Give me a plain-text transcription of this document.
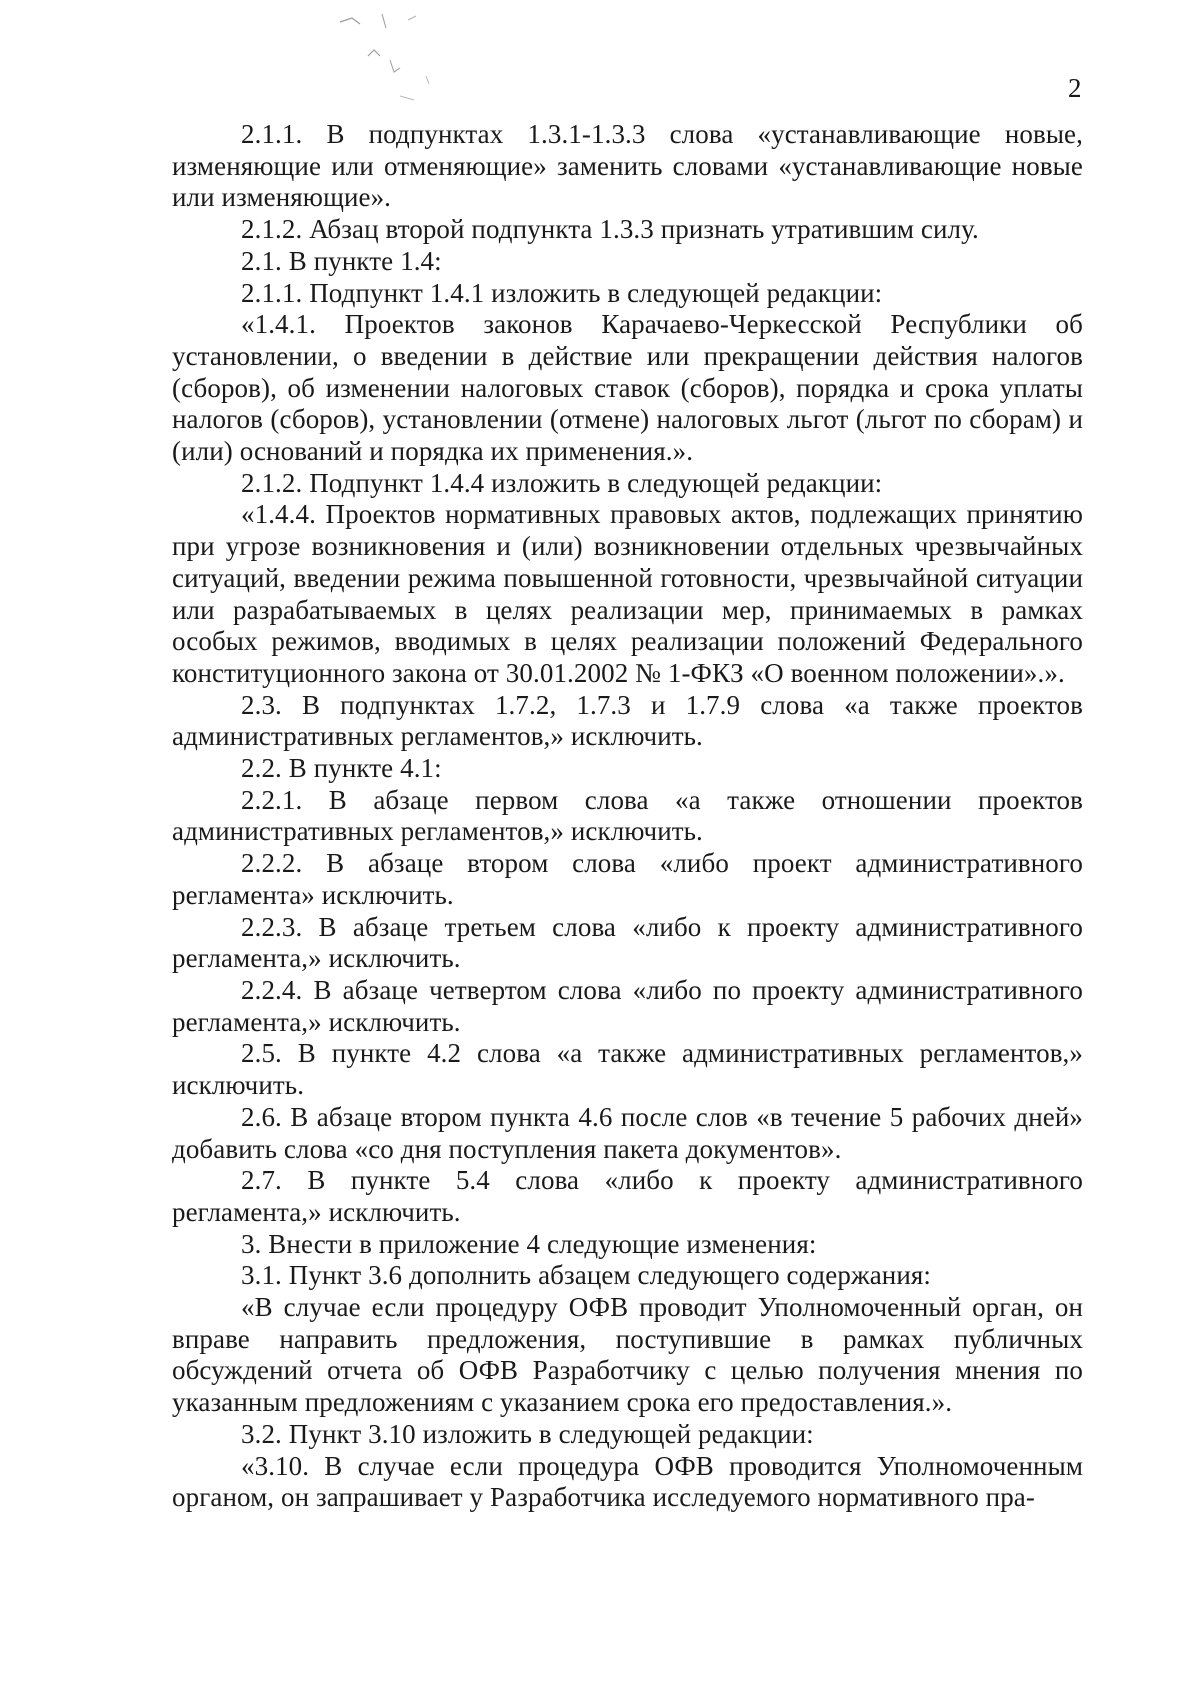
2

2.1.1. В подпунктах 1.3.1-1.3.3 слова «устанавливающие новые, изменяющие или отменяющие» заменить словами «устанавливающие новые или изменяющие».

2.1.2. Абзац второй подпункта 1.3.3 признать утратившим силу.

2.1. В пункте 1.4:

2.1.1. Подпункт 1.4.1 изложить в следующей редакции:

«1.4.1. Проектов законов Карачаево-Черкесской Республики об установлении, о введении в действие или прекращении действия налогов (сборов), об изменении налоговых ставок (сборов), порядка и срока уплаты налогов (сборов), установлении (отмене) налоговых льгот (льгот по сборам) и (или) оснований и порядка их применения.».

2.1.2. Подпункт 1.4.4 изложить в следующей редакции:

«1.4.4. Проектов нормативных правовых актов, подлежащих принятию при угрозе возникновения и (или) возникновении отдельных чрезвычайных ситуаций, введении режима повышенной готовности, чрезвычайной ситуации или разрабатываемых в целях реализации мер, принимаемых в рамках особых режимов, вводимых в целях реализации положений Федерального конституционного закона от 30.01.2002 № 1-ФКЗ «О военном положении».».

2.3. В подпунктах 1.7.2, 1.7.3 и 1.7.9 слова «а также проектов административных регламентов,» исключить.

2.2. В пункте 4.1:

2.2.1. В абзаце первом слова «а также отношении проектов административных регламентов,» исключить.

2.2.2. В абзаце втором слова «либо проект административного регламента» исключить.

2.2.3. В абзаце третьем слова «либо к проекту административного регламента,» исключить.

2.2.4. В абзаце четвертом слова «либо по проекту административного регламента,» исключить.

2.5. В пункте 4.2 слова «а также административных регламентов,» исключить.

2.6. В абзаце втором пункта 4.6 после слов «в течение 5 рабочих дней» добавить слова «со дня поступления пакета документов».

2.7. В пункте 5.4 слова «либо к проекту административного регламента,» исключить.

3. Внести в приложение 4 следующие изменения:

3.1. Пункт 3.6 дополнить абзацем следующего содержания:

«В случае если процедуру ОФВ проводит Уполномоченный орган, он вправе направить предложения, поступившие в рамках публичных обсуждений отчета об ОФВ Разработчику с целью получения мнения по указанным предложениям с указанием срока его предоставления.».

3.2. Пункт 3.10 изложить в следующей редакции:

«3.10. В случае если процедура ОФВ проводится Уполномоченным органом, он запрашивает у Разработчика исследуемого нормативного пра-
